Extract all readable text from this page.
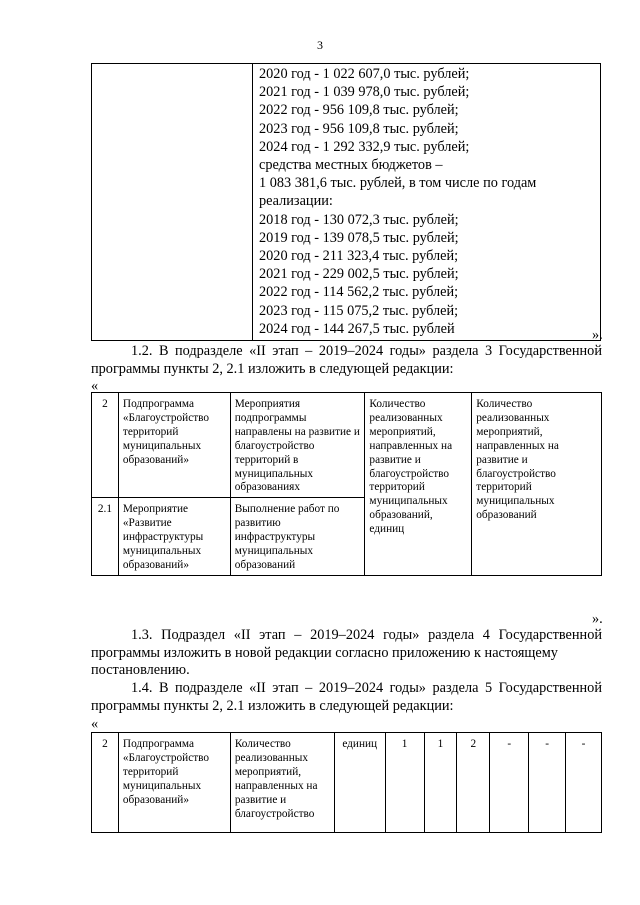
3

2020 год - 1 022 607,0 тыс. рублей;
2021 год - 1 039 978,0 тыс. рублей;
2022 год - 956 109,8 тыс. рублей;
2023 год - 956 109,8 тыс. рублей;
2024 год - 1 292 332,9 тыс. рублей;
средства местных бюджетов –
1 083 381,6 тыс. рублей, в том числе по годам
реализации:
2018 год - 130 072,3 тыс. рублей;
2019 год - 139 078,5 тыс. рублей;
2020 год - 211 323,4 тыс. рублей;
2021 год - 229 002,5 тыс. рублей;
2022 год - 114 562,2 тыс. рублей;
2023 год - 115 075,2 тыс. рублей;
2024 год - 144 267,5 тыс. рублей	».
1.2. В подразделе «II этап – 2019–2024 годы» раздела 3 Государственной
программы пункты 2, 2.1 изложить в следующей редакции:
«
2	Подпрограмма «Благоустройство территорий муниципальных образований»	Мероприятия подпрограммы направлены на развитие и благоустройство территорий в муниципальных образованиях	Количество реализованных мероприятий, направленных на развитие и благоустройство территорий муниципальных образований, единиц	Количество реализованных мероприятий, направленных на развитие и благоустройство территорий муниципальных образований
2.1	Мероприятие «Развитие инфраструктуры муниципальных образований»	Выполнение работ по развитию инфраструктуры муниципальных образований		
».
1.3. Подраздел «II этап – 2019–2024 годы» раздела 4 Государственной
программы изложить в новой редакции согласно приложению к настоящему постановлению.
1.4. В подразделе «II этап – 2019–2024 годы» раздела 5 Государственной
программы пункты 2, 2.1 изложить в следующей редакции:
«
2	Подпрограмма «Благоустройство территорий муниципальных образований»	Количество реализованных мероприятий, направленных на развитие и благоустройство	единиц	1	1	2	-	-	-
